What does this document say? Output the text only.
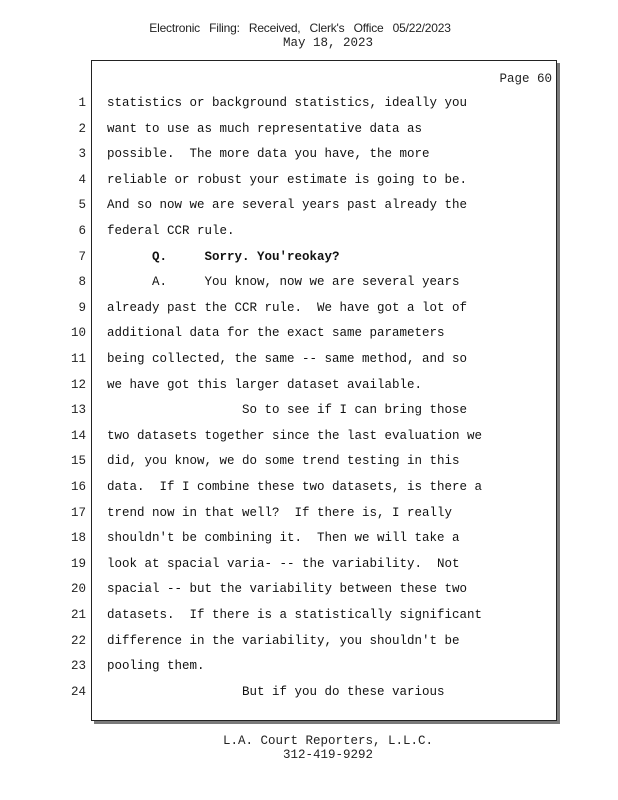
Electronic Filing: Received, Clerk's Office 05/22/2023
May 18, 2023
Page 60
1 statistics or background statistics, ideally you
2 want to use as much representative data as
3 possible.  The more data you have, the more
4 reliable or robust your estimate is going to be.
5 And so now we are several years past already the
6 federal CCR rule.
7 Q.     Sorry. You'reokay?
8 A.     You know, now we are several years
9 already past the CCR rule.  We have got a lot of
10 additional data for the exact same parameters
11 being collected, the same -- same method, and so
12 we have got this larger dataset available.
13 So to see if I can bring those
14 two datasets together since the last evaluation we
15 did, you know, we do some trend testing in this
16 data.  If I combine these two datasets, is there a
17 trend now in that well?  If there is, I really
18 shouldn't be combining it.  Then we will take a
19 look at spacial varia- -- the variability.  Not
20 spacial -- but the variability between these two
21 datasets.  If there is a statistically significant
22 difference in the variability, you shouldn't be
23 pooling them.
24 But if you do these various
L.A. Court Reporters, L.L.C.
312-419-9292
